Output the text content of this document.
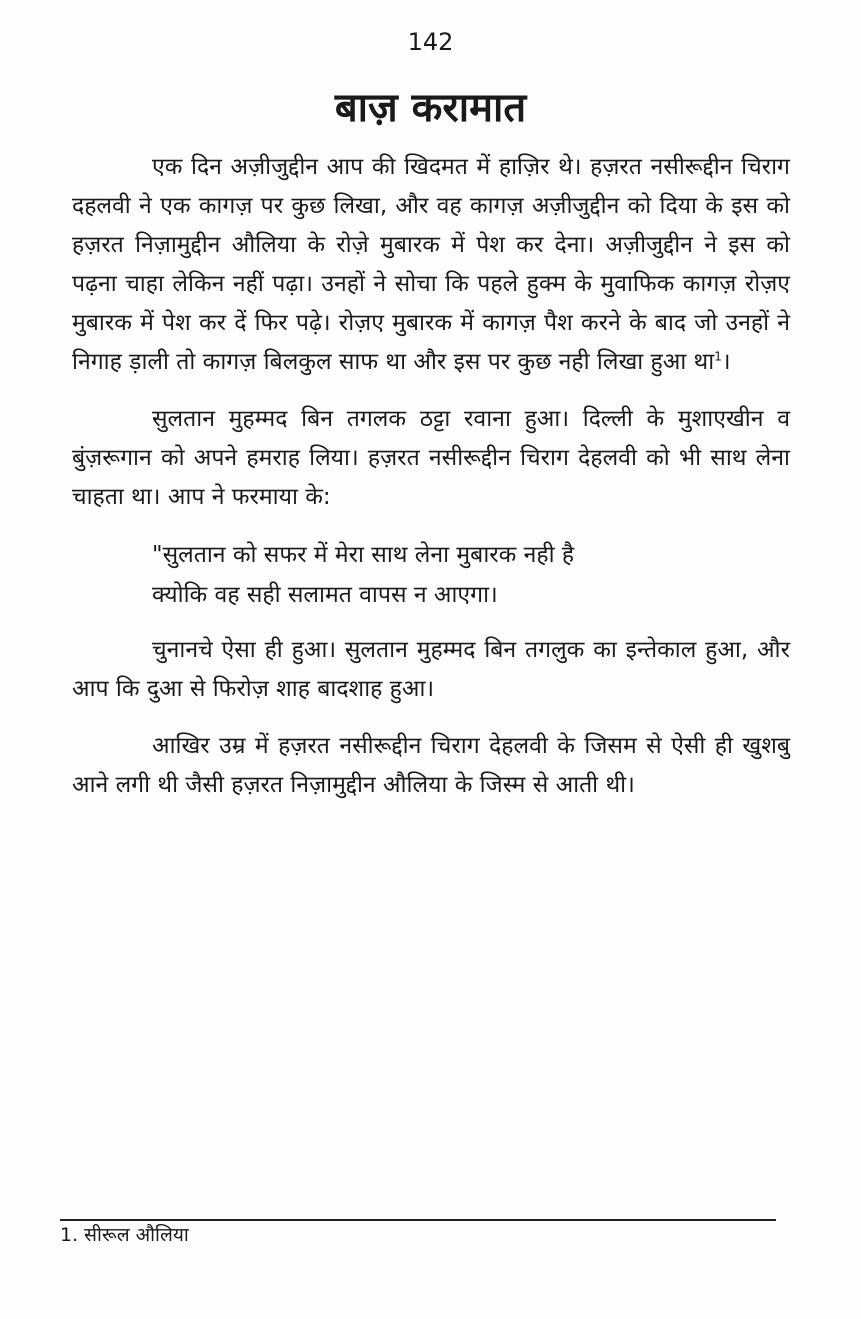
142
बाज़ करामात

एक दिन अज़ीजुद्दीन आप की खिदमत में हाज़िर थे। हज़रत नसीरूद्दीन चिराग दहलवी ने एक कागज़ पर कुछ लिखा, और वह कागज़ अज़ीजुद्दीन को दिया के इस को हज़रत निज़ामुद्दीन औलिया के रोज़े मुबारक में पेश कर देना। अज़ीजुद्दीन ने इस को पढ़ना चाहा लेकिन नहीं पढ़ा। उनहों ने सोचा कि पहले हुक्म के मुवाफिक कागज़ रोज़ए मुबारक में पेश कर दें फिर पढ़े। रोज़ए मुबारक में कागज़ पैश करने के बाद जो उनहों ने निगाह ड़ाली तो कागज़ बिलकुल साफ था और इस पर कुछ नही लिखा हुआ था$^1$।

सुलतान मुहम्मद बिन तगलक ठट्टा रवाना हुआ। दिल्ली के मुशाएखीन व बुंज़रूगान को अपने हमराह लिया। हज़रत नसीरूद्दीन चिराग देहलवी को भी साथ लेना चाहता था। आप ने फरमाया के:

"सुलतान को सफर में मेरा साथ लेना मुबारक नही है
क्योकि वह सही सलामत वापस न आएगा।

चुनानचे ऐसा ही हुआ। सुलतान मुहम्मद बिन तगलुक का इन्तेकाल हुआ, और आप कि दुआ से फिरोज़ शाह बादशाह हुआ।

आखिर उम्र में हज़रत नसीरूद्दीन चिराग देहलवी के जिसम से ऐसी ही खुशबु आने लगी थी जैसी हज़रत निज़ामुद्दीन औलिया के जिस्म से आती थी।

1. सीरूल औलिया
